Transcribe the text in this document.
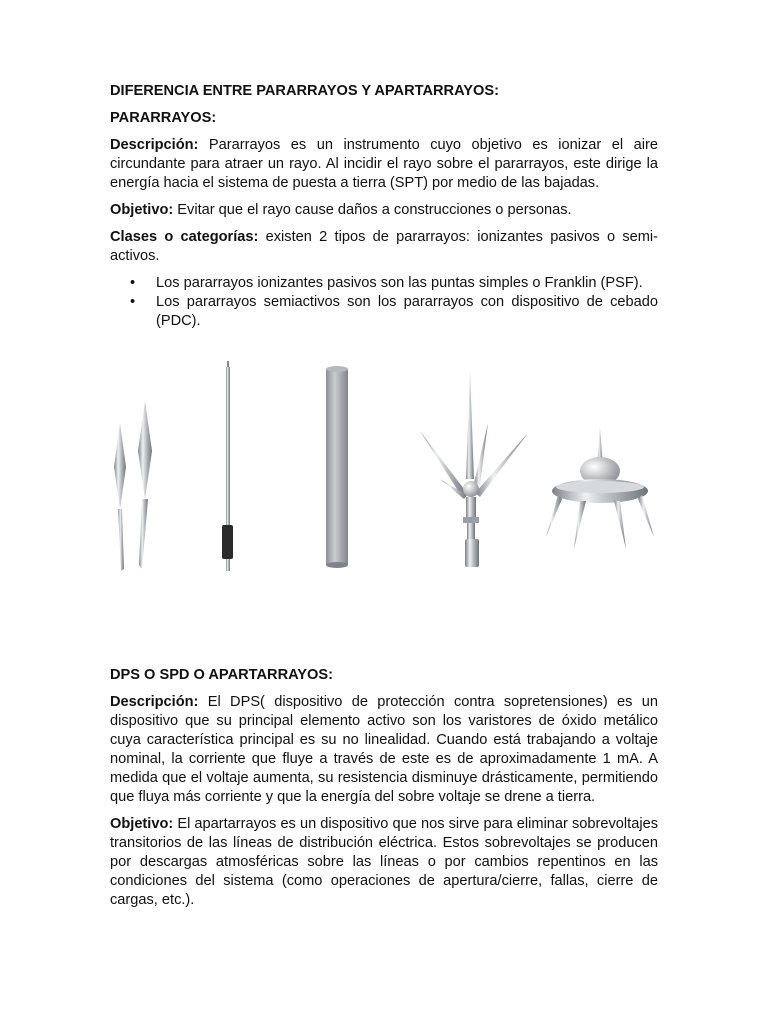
DIFERENCIA ENTRE PARARRAYOS Y APARTARRAYOS:
PARARRAYOS:

Descripción: Pararrayos es un instrumento cuyo objetivo es ionizar el aire circundante para atraer un rayo. Al incidir el rayo sobre el pararrayos, este dirige la energía hacia el sistema de puesta a tierra (SPT) por medio de las bajadas.

Objetivo: Evitar que el rayo cause daños a construcciones o personas.

Clases o categorías: existen 2 tipos de pararrayos: ionizantes pasivos o semi-activos.

• Los pararrayos ionizantes pasivos son las puntas simples o Franklin (PSF).
• Los pararrayos semiactivos son los pararrayos con dispositivo de cebado (PDC).
DPS O SPD O APARTARRAYOS:

Descripción: El DPS( dispositivo de protección contra sopretensiones) es un dispositivo que su principal elemento activo son los varistores de óxido metálico cuya característica principal es su no linealidad. Cuando está trabajando a voltaje nominal, la corriente que fluye a través de este es de aproximadamente 1 mA. A medida que el voltaje aumenta, su resistencia disminuye drásticamente, permitiendo que fluya más corriente y que la energía del sobre voltaje se drene a tierra.

Objetivo: El apartarrayos es un dispositivo que nos sirve para eliminar sobrevoltajes transitorios de las líneas de distribución eléctrica. Estos sobrevoltajes se producen por descargas atmosféricas sobre las líneas o por cambios repentinos en las condiciones del sistema (como operaciones de apertura/cierre, fallas, cierre de cargas, etc.).
